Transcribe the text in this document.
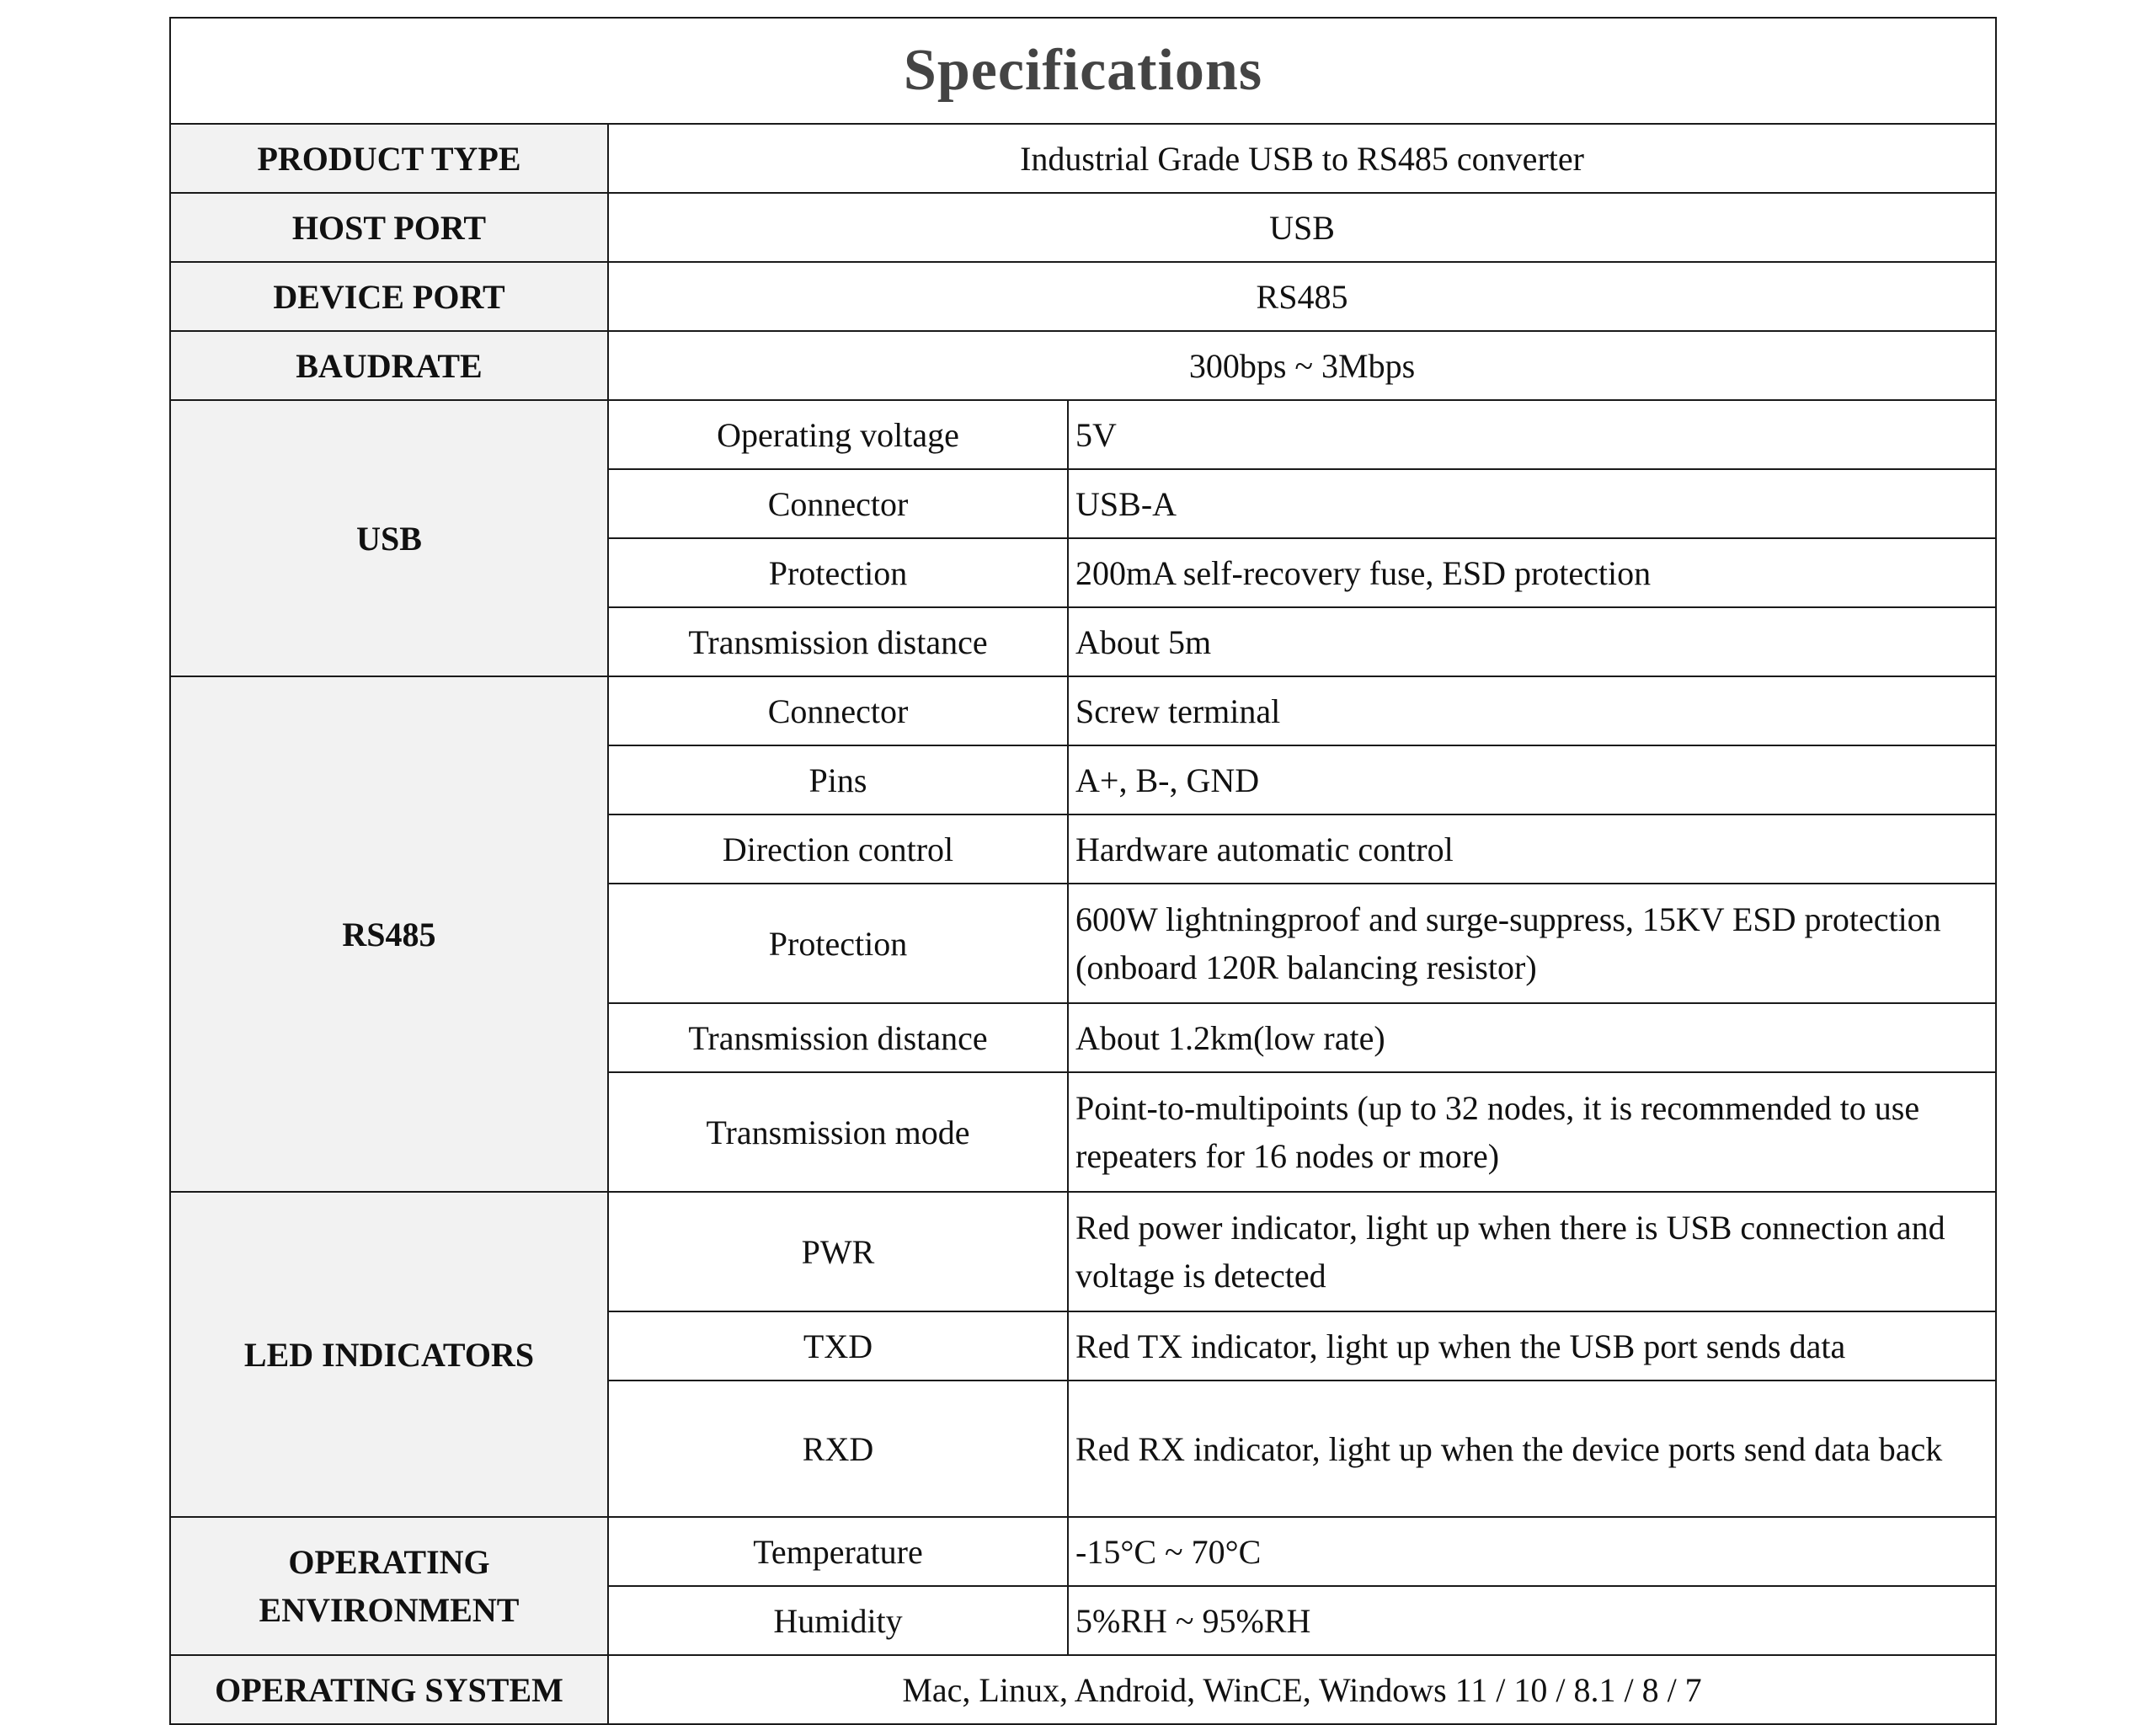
Specifications		
PRODUCT TYPE	Industrial Grade USB to RS485 converter	
HOST PORT	USB	
DEVICE PORT	RS485	
BAUDRATE	300bps ~ 3Mbps	
USB	Operating voltage	5V
	Connector	USB-A
	Protection	200mA self-recovery fuse, ESD protection
	Transmission distance	About 5m
RS485	Connector	Screw terminal
	Pins	A+, B-, GND
	Direction control	Hardware automatic control
	Protection	600W lightningproof and surge-suppress, 15KV ESD protection (onboard 120R balancing resistor)
	Transmission distance	About 1.2km(low rate)
	Transmission mode	Point-to-multipoints (up to 32 nodes, it is recommended to use repeaters for 16 nodes or more)
LED INDICATORS	PWR	Red power indicator, light up when there is USB connection and voltage is detected
	TXD	Red TX indicator, light up when the USB port sends data
	RXD	Red RX indicator, light up when the device ports send data back
OPERATING ENVIRONMENT	Temperature	-15°C ~ 70°C
	Humidity	5%RH ~ 95%RH
OPERATING SYSTEM	Mac, Linux, Android, WinCE, Windows 11 / 10 / 8.1 / 8 / 7	
